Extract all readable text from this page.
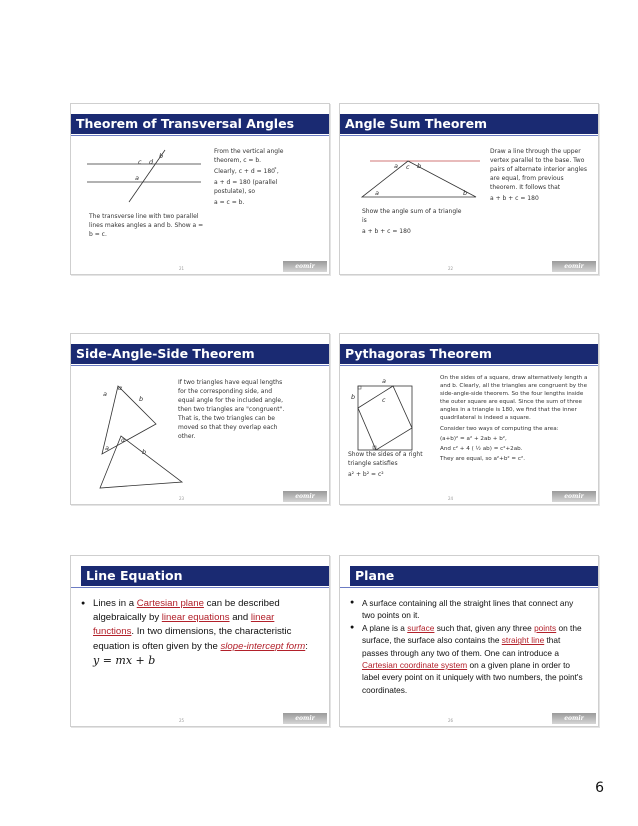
Theorem of Transversal Angles
b
c d
a

From the vertical angle theorem, c = b.

Clearly, c + d = 180 ̊,

a + d = 180 (parallel postulate), so

a = c = b.

The transverse line with two parallel lines makes angles a and b. Show a = b = c.
21	eomir
Angle Sum Theorem
a c b
a	b

Show the angle sum of a triangle is

a + b + c = 180

Draw a line through the upper vertex parallel to the base. Two pairs of alternate interior angles are equal, from previous theorem. It follows that

a + b + c = 180

22	eomir
Side-Angle-Side Theorem
a
α
b
a
α
b
If two triangles have equal lengths for the corresponding side, and equal angle for the included angle, then two triangles are "congruent". That is, the two triangles can be moved so that they overlap each other.
23	eomir
Pythagoras Theorem
a
b	c

Show the sides of a right triangle satisfies

a² + b² = c²

On the sides of a square, draw alternatively length a and b. Clearly, all the triangles are congruent by the side-angle-side theorem. So the four lengths inside the outer square are equal. Since the sum of three angles in a triangle is 180, we find that the inner quadrilateral is indeed a square.

Consider two ways of computing the area:

(a+b)² = a² + 2ab + b²,

And c² + 4 ( ½ ab) = c²+2ab.

They are equal, so a²+b² = c².

24	eomir
Line Equation
● Lines in a Cartesian plane can be described algebraically by linear equations and linear functions. In two dimensions, the characteristic equation is often given by the slope-intercept form: y = mx + b
25	eomir
Plane
● A surface containing all the straight lines that connect any two points on it.
● A plane is a surface such that, given any three points on the surface, the surface also contains the straight line that passes through any two of them. One can introduce a Cartesian coordinate system on a given plane in order to label every point on it uniquely with two numbers, the point's coordinates.
26	eomir
6
